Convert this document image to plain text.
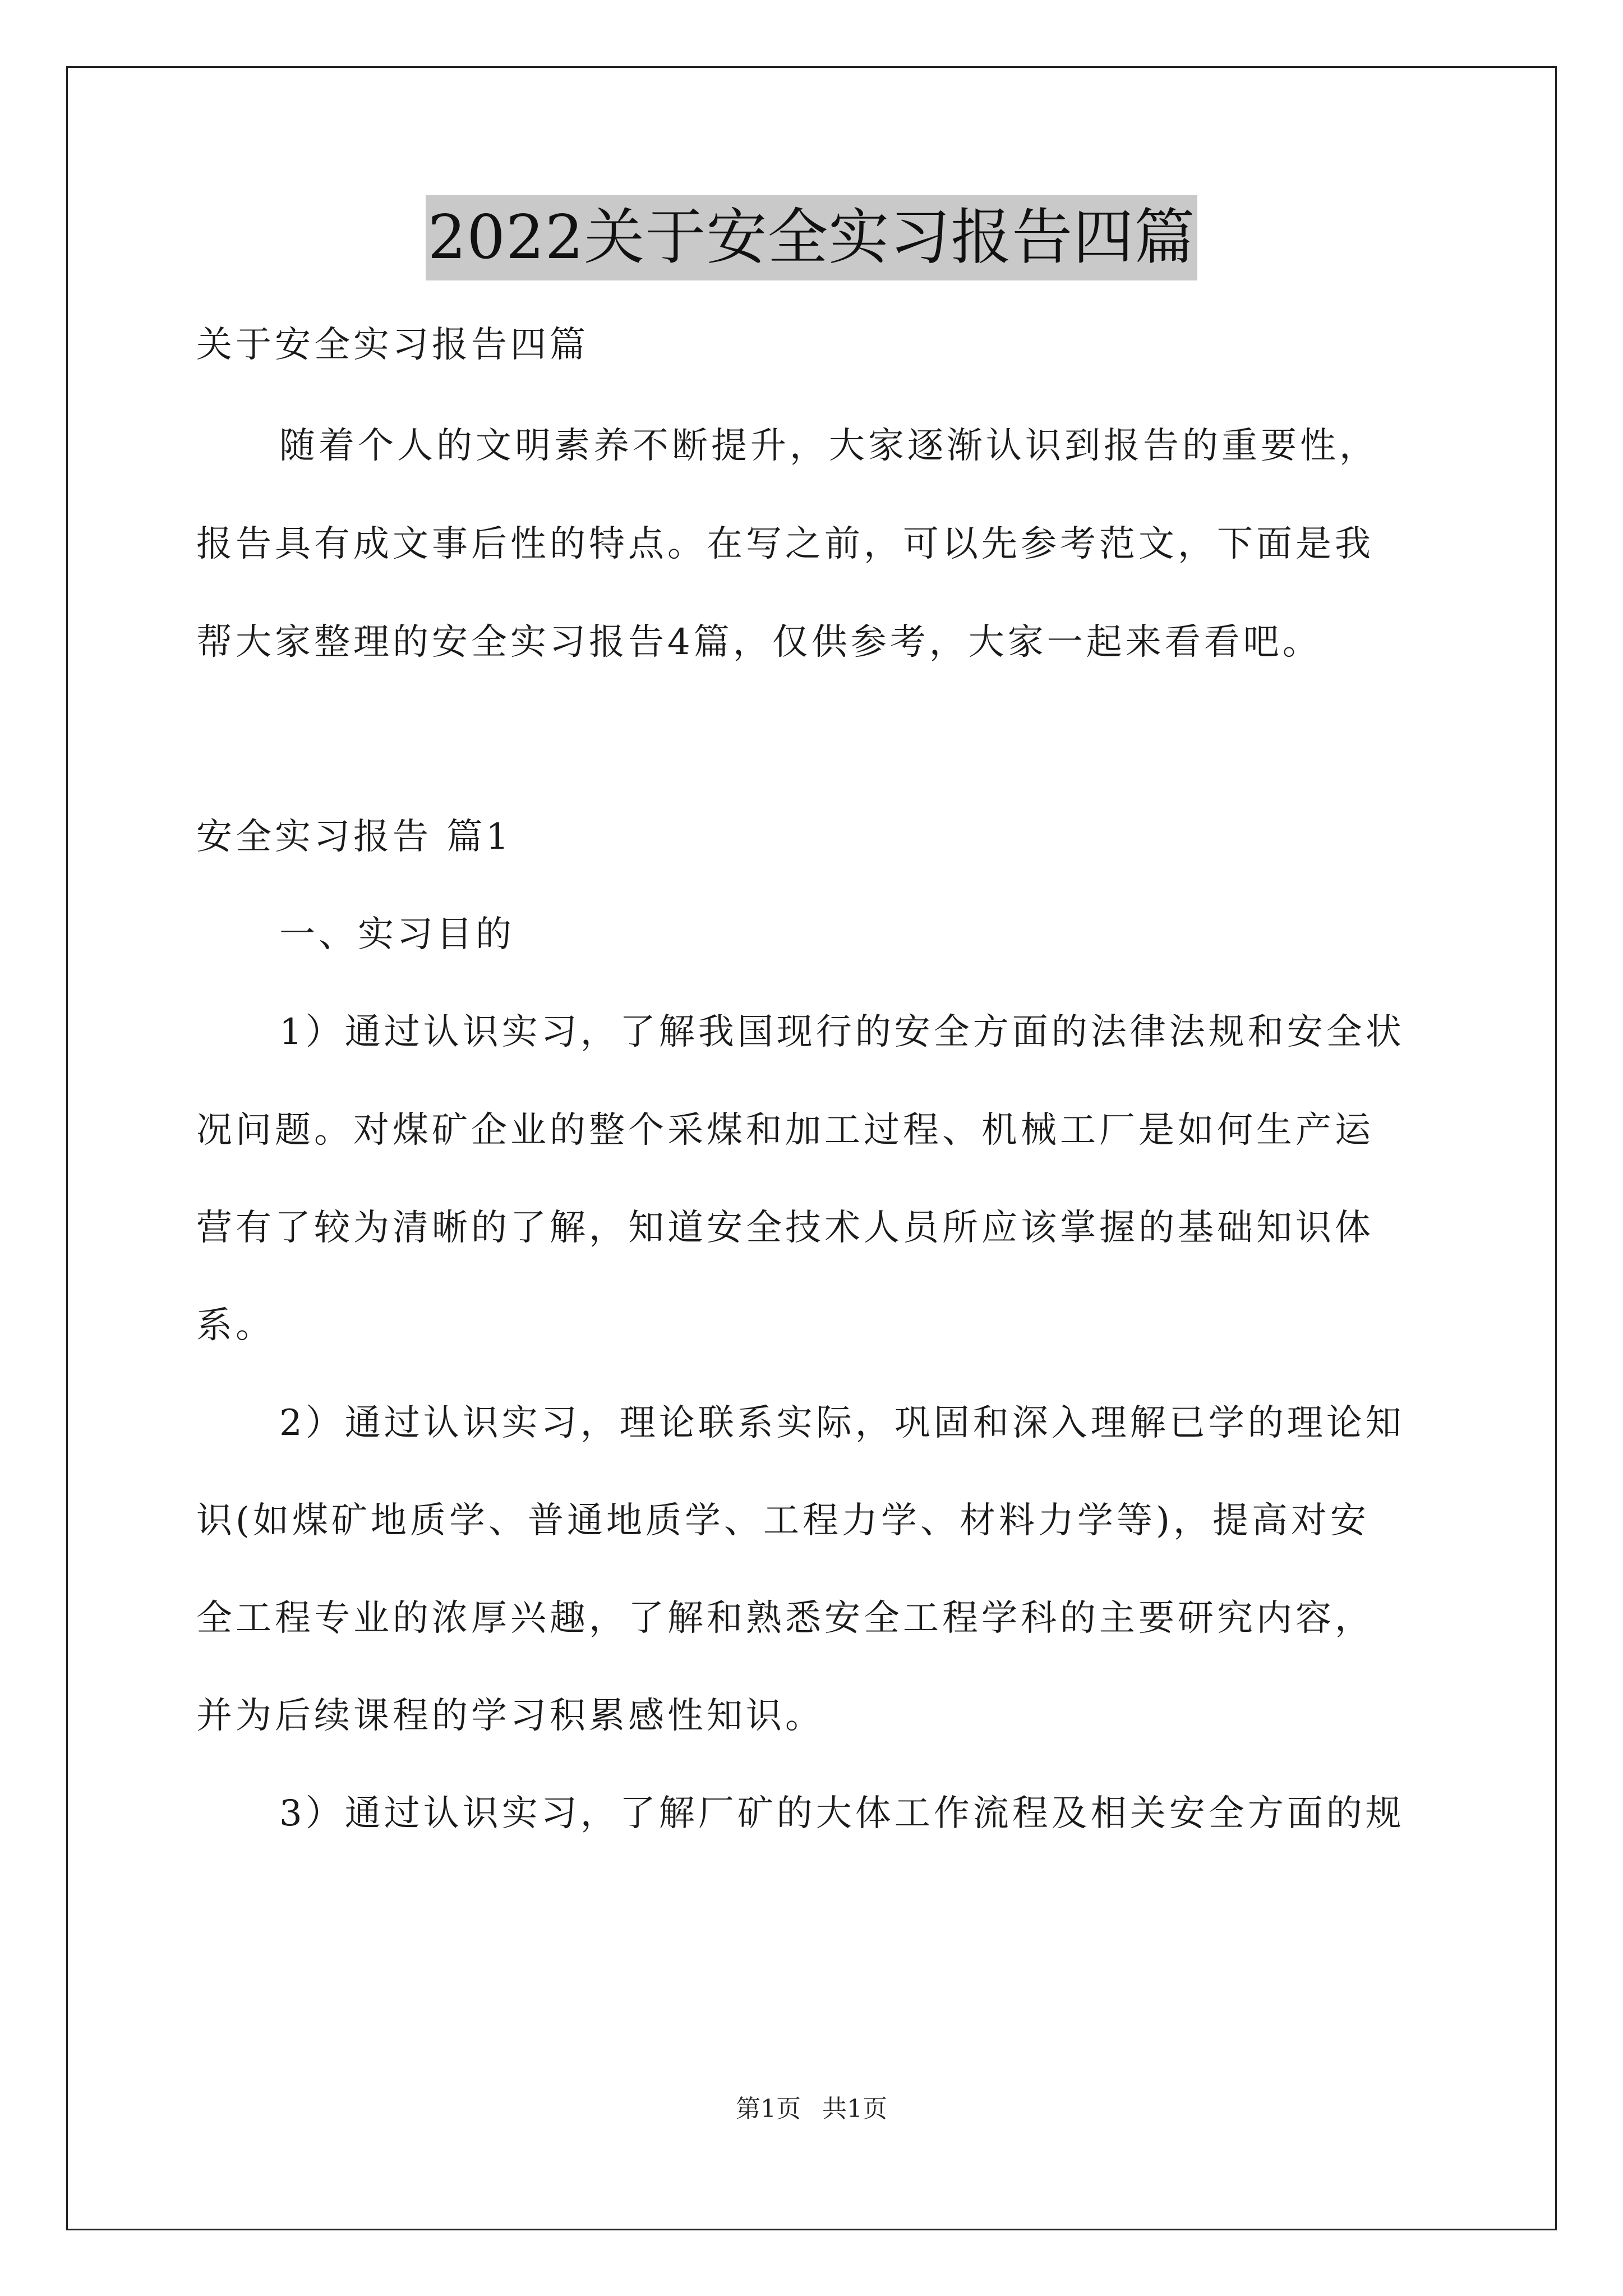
2022关于安全实习报告四篇
关于安全实习报告四篇
随着个人的文明素养不断提升，大家逐渐认识到报告的重要性，
报告具有成文事后性的特点。在写之前，可以先参考范文，下面是我
帮大家整理的安全实习报告4篇，仅供参考，大家一起来看看吧。
安全实习报告 篇1
一、实习目的
1）通过认识实习，了解我国现行的安全方面的法律法规和安全状
况问题。对煤矿企业的整个采煤和加工过程、机械工厂是如何生产运
营有了较为清晰的了解，知道安全技术人员所应该掌握的基础知识体
系。
2）通过认识实习，理论联系实际，巩固和深入理解已学的理论知
识(如煤矿地质学、普通地质学、工程力学、材料力学等)，提高对安
全工程专业的浓厚兴趣，了解和熟悉安全工程学科的主要研究内容，
并为后续课程的学习积累感性知识。
3）通过认识实习，了解厂矿的大体工作流程及相关安全方面的规
第1页 共1页
